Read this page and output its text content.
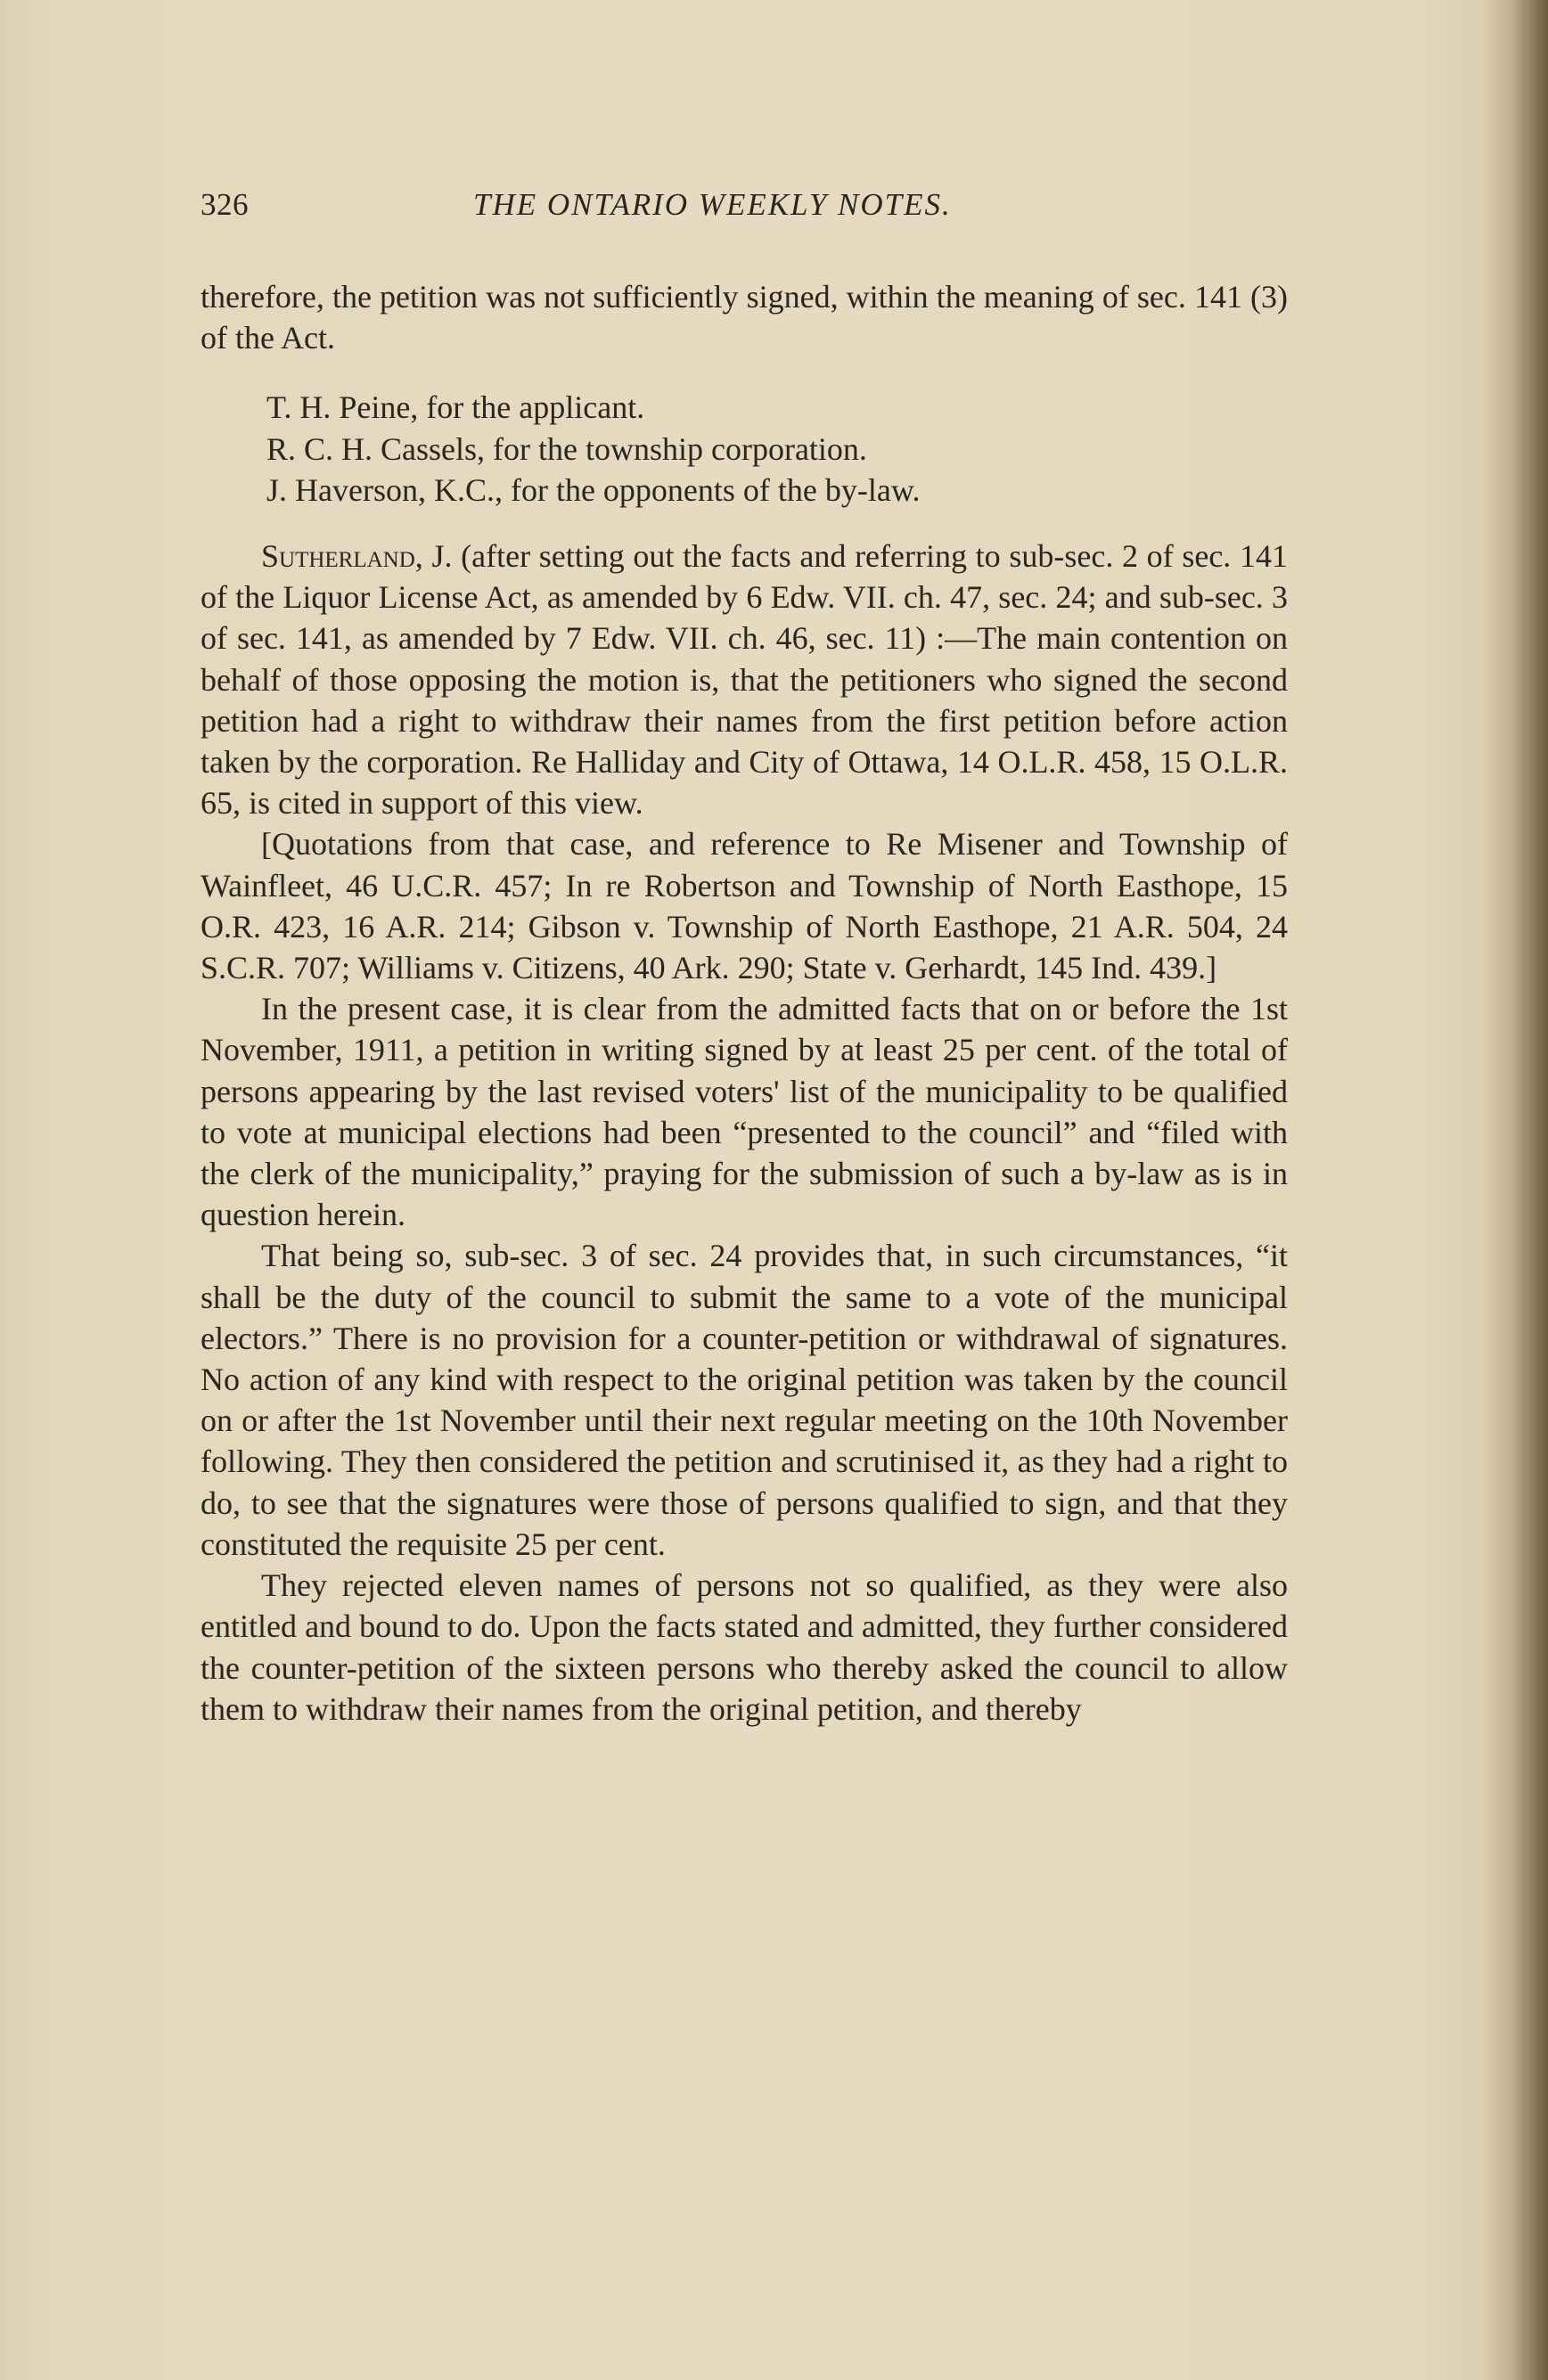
326	THE ONTARIO WEEKLY NOTES.

therefore, the petition was not sufficiently signed, within the meaning of sec. 141 (3) of the Act.

T. H. Peine, for the applicant.
R. C. H. Cassels, for the township corporation.
J. Haverson, K.C., for the opponents of the by-law.

Sutherland, J. (after setting out the facts and referring to sub-sec. 2 of sec. 141 of the Liquor License Act, as amended by 6 Edw. VII. ch. 47, sec. 24; and sub-sec. 3 of sec. 141, as amended by 7 Edw. VII. ch. 46, sec. 11) :—The main contention on behalf of those opposing the motion is, that the petitioners who signed the second petition had a right to withdraw their names from the first petition before action taken by the corporation. Re Halliday and City of Ottawa, 14 O.L.R. 458, 15 O.L.R. 65, is cited in support of this view.

[Quotations from that case, and reference to Re Misener and Township of Wainfleet, 46 U.C.R. 457; In re Robertson and Township of North Easthope, 15 O.R. 423, 16 A.R. 214; Gibson v. Township of North Easthope, 21 A.R. 504, 24 S.C.R. 707; Williams v. Citizens, 40 Ark. 290; State v. Gerhardt, 145 Ind. 439.]

In the present case, it is clear from the admitted facts that on or before the 1st November, 1911, a petition in writing signed by at least 25 per cent. of the total of persons appearing by the last revised voters' list of the municipality to be qualified to vote at municipal elections had been “presented to the council” and “filed with the clerk of the municipality,” praying for the submission of such a by-law as is in question herein.

That being so, sub-sec. 3 of sec. 24 provides that, in such circumstances, “it shall be the duty of the council to submit the same to a vote of the municipal electors.” There is no provision for a counter-petition or withdrawal of signatures. No action of any kind with respect to the original petition was taken by the council on or after the 1st November until their next regular meeting on the 10th November following. They then considered the petition and scrutinised it, as they had a right to do, to see that the signatures were those of persons qualified to sign, and that they constituted the requisite 25 per cent.

They rejected eleven names of persons not so qualified, as they were also entitled and bound to do. Upon the facts stated and admitted, they further considered the counter-petition of the sixteen persons who thereby asked the council to allow them to withdraw their names from the original petition, and thereby
